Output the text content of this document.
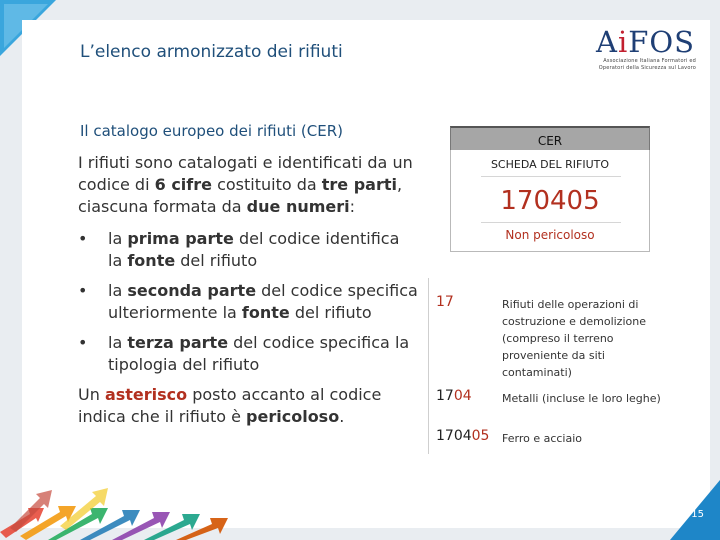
L’elenco armonizzato dei rifiuti	AiFOS
Associazione Italiana Formatori ed Operatori della Sicurezza sul Lavoro
Il catalogo europeo dei rifiuti (CER)

I rifiuti sono catalogati e identificati da un codice di 6 cifre costituito da tre parti, ciascuna formata da due numeri:

• la prima parte del codice identifica la fonte del rifiuto
• la seconda parte del codice specifica ulteriormente la fonte del rifiuto
• la terza parte del codice specifica la tipologia del rifiuto

Un asterisco posto accanto al codice indica che il rifiuto è pericoloso.

CER
SCHEDA DEL RIFIUTO
170405
Non pericoloso
17	Rifiuti delle operazioni di costruzione e demolizione (compreso il terreno proveniente da siti contaminati)
1704	Metalli (incluse le loro leghe)
170405 Ferro e acciaio
15
